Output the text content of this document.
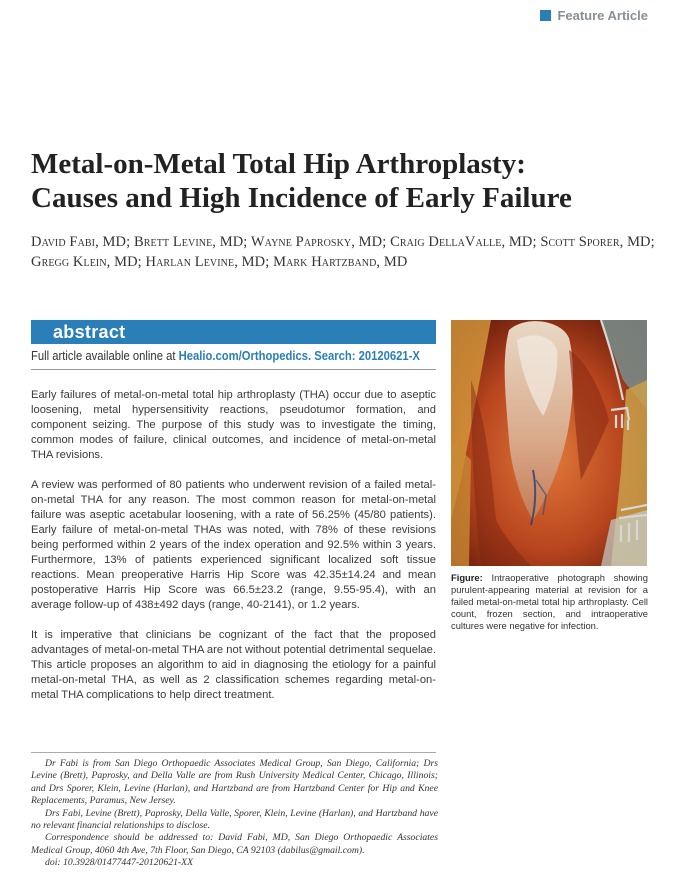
Feature Article
Metal-on-Metal Total Hip Arthroplasty:
Causes and High Incidence of Early Failure

David Fabi, MD; Brett Levine, MD; Wayne Paprosky, MD; Craig DellaValle, MD; Scott Sporer, MD;
Gregg Klein, MD; Harlan Levine, MD; Mark Hartzband, MD

abstract
Full article available online at Healio.com/Orthopedics. Search: 20120621-X

Early failures of metal-on-metal total hip arthroplasty (THA) occur due to aseptic loosening, metal hypersensitivity reactions, pseudotumor formation, and component seizing. The purpose of this study was to investigate the timing, common modes of failure, clinical outcomes, and incidence of metal-on-metal THA revisions.

A review was performed of 80 patients who underwent revision of a failed metal-on-metal THA for any reason. The most common reason for metal-on-metal failure was aseptic acetabular loosening, with a rate of 56.25% (45/80 patients). Early failure of metal-on-metal THAs was noted, with 78% of these revisions being performed within 2 years of the index operation and 92.5% within 3 years. Furthermore, 13% of patients experienced significant localized soft tissue reactions. Mean preoperative Harris Hip Score was 42.35±14.24 and mean postoperative Harris Hip Score was 66.5±23.2 (range, 9.55-95.4), with an average follow-up of 438±492 days (range, 40-2141), or 1.2 years.

It is imperative that clinicians be cognizant of the fact that the proposed advantages of metal-on-metal THA are not without potential detrimental sequelae. This article proposes an algorithm to aid in diagnosing the etiology for a painful metal-on-metal THA, as well as 2 classification schemes regarding metal-on-metal THA complications to help direct treatment.

Figure: Intraoperative photograph showing purulent-appearing material at revision for a failed metal-on-metal total hip arthroplasty. Cell count, frozen section, and intraoperative cultures were negative for infection.

Dr Fabi is from San Diego Orthopaedic Associates Medical Group, San Diego, California; Drs Levine (Brett), Paprosky, and Della Valle are from Rush University Medical Center, Chicago, Illinois; and Drs Sporer, Klein, Levine (Harlan), and Hartzband are from Hartzband Center for Hip and Knee Replacements, Paramus, New Jersey.

Drs Fabi, Levine (Brett), Paprosky, Della Valle, Sporer, Klein, Levine (Harlan), and Hartzband have no relevant financial relationships to disclose.

Correspondence should be addressed to: David Fabi, MD, San Diego Orthopaedic Associates Medical Group, 4060 4th Ave, 7th Floor, San Diego, CA 92103 (dabilus@gmail.com).

doi: 10.3928/01477447-20120621-XX
